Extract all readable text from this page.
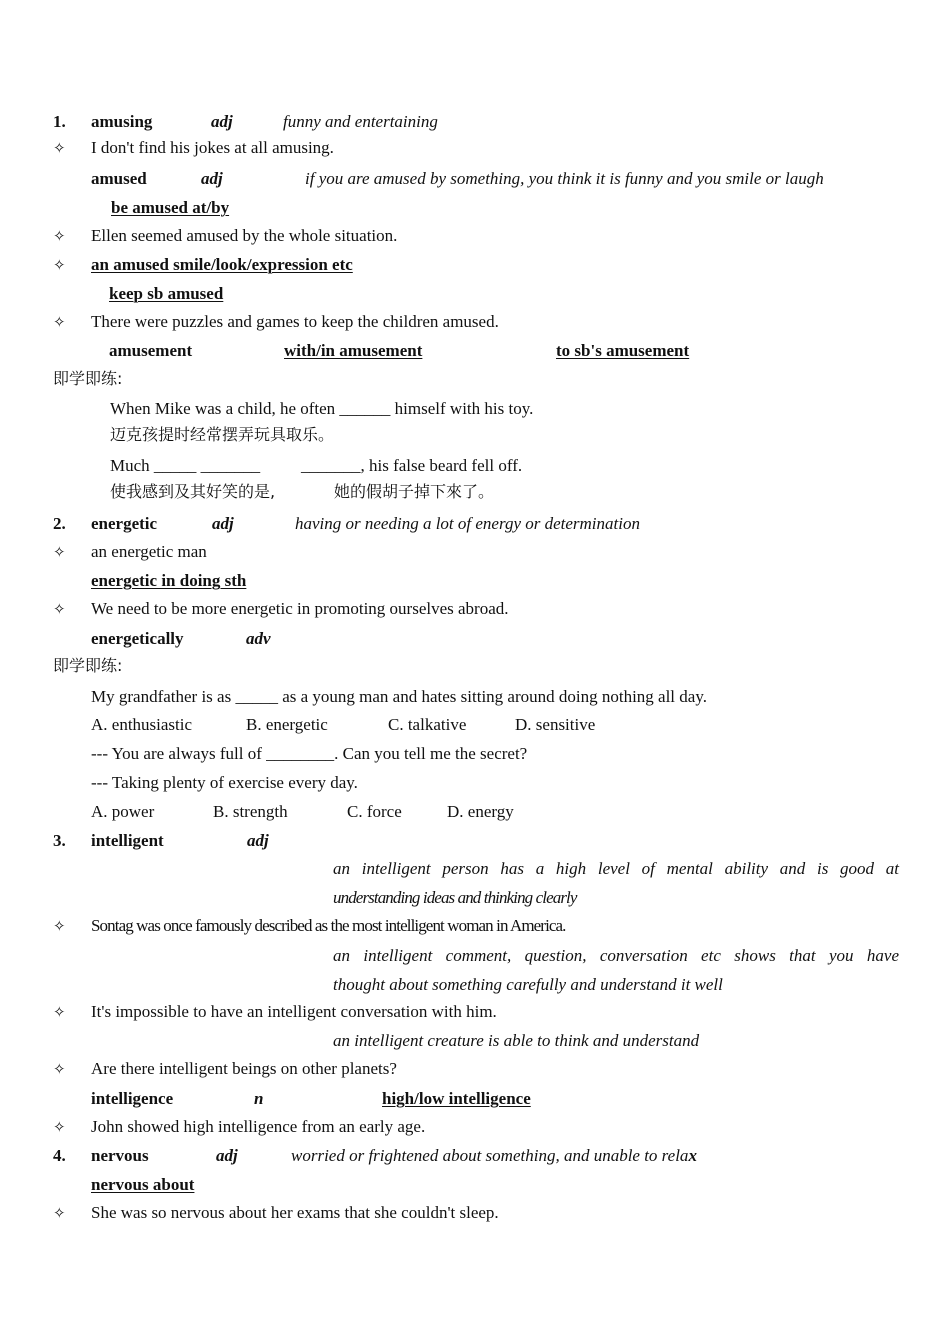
1. amusing	adj	funny and entertaining
✧ I don't find his jokes at all amusing.
amused	adj	if you are amused by something, you think it is funny and you smile or laugh
be amused at/by
✧ Ellen seemed amused by the whole situation.
✧ an amused smile/look/expression etc
keep sb amused
✧ There were puzzles and games to keep the children amused.
amusement	with/in amusement	to sb's amusement
即学即练:
When Mike was a child, he often ______ himself with his toy.
迈克孩提时经常摆弄玩具取乐。
Much _____ _______ _______, his false beard fell off.
使我感到及其好笑的是,	她的假胡子掉下來了。
2. energetic	adj	having or needing a lot of energy or determination
✧ an energetic man
energetic in doing sth
✧ We need to be more energetic in promoting ourselves abroad.
energetically	adv
即学即练:
My grandfather is as _____ as a young man and hates sitting around doing nothing all day.
A. enthusiastic	B. energetic	C. talkative	D. sensitive
--- You are always full of ________. Can you tell me the secret?
--- Taking plenty of exercise every day.
A. power	B. strength	C. force	D. energy
3. intelligent	adj
an intelligent person has a high level of mental ability and is good at
understanding ideas and thinking clearly
✧ Sontag was once famously described as the most intelligent woman in America.
an intelligent comment, question, conversation etc shows that you have
thought about something carefully and understand it well
✧ It's impossible to have an intelligent conversation with him.
an intelligent creature is able to think and understand
✧ Are there intelligent beings on other planets?
intelligence	n	high/low intelligence
✧ John showed high intelligence from an early age.
4. nervous	adj	worried or frightened about something, and unable to relax
nervous about
✧ She was so nervous about her exams that she couldn't sleep.
